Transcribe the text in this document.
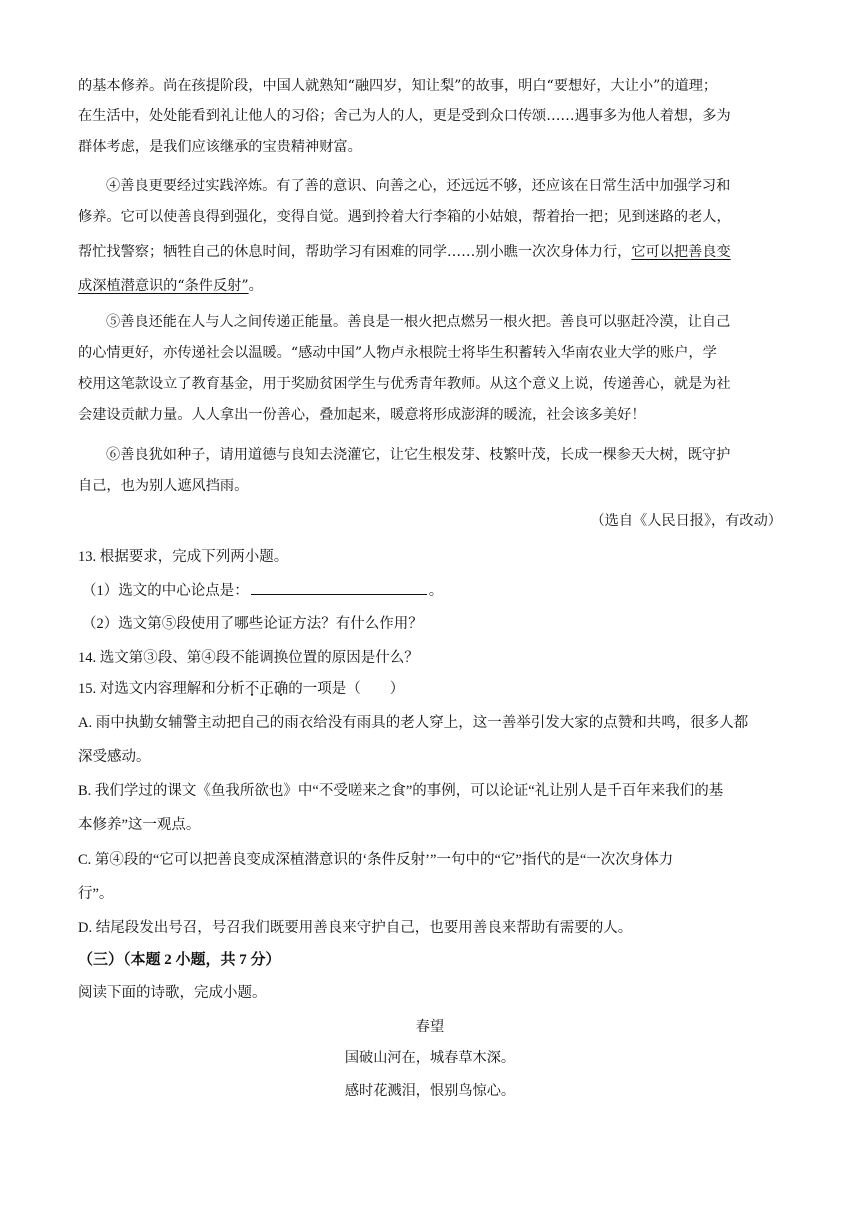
的基本修养。尚在孩提阶段，中国人就熟知“融四岁，知让梨”的故事，明白“要想好，大让小”的道理；
在生活中，处处能看到礼让他人的习俗；舍己为人的人，更是受到众口传颂……遇事多为他人着想，多为
群体考虑，是我们应该继承的宝贵精神财富。
④善良更要经过实践淬炼。有了善的意识、向善之心，还远远不够，还应该在日常生活中加强学习和
修养。它可以使善良得到强化，变得自觉。遇到拎着大行李箱的小姑娘，帮着抬一把；见到迷路的老人，
帮忙找警察；牺牲自己的休息时间，帮助学习有困难的同学……别小瞧一次次身体力行，它可以把善良变
成深植潜意识的“条件反射”。
⑤善良还能在人与人之间传递正能量。善良是一根火把点燃另一根火把。善良可以驱赶冷漠，让自己
的心情更好，亦传递社会以温暖。“感动中国”人物卢永根院士将毕生积蓄转入华南农业大学的账户，学
校用这笔款设立了教育基金，用于奖励贫困学生与优秀青年教师。从这个意义上说，传递善心，就是为社
会建设贡献力量。人人拿出一份善心，叠加起来，暖意将形成澎湃的暖流，社会该多美好！
⑥善良犹如种子，请用道德与良知去浇灌它，让它生根发芽、枝繁叶茂，长成一棵参天大树，既守护
自己，也为别人遮风挡雨。
（选自《人民日报》，有改动）
13. 根据要求，完成下列两小题。
（1）选文的中心论点是：	。
（2）选文第⑤段使用了哪些论证方法？有什么作用？
14. 选文第③段、第④段不能调换位置的原因是什么？
15. 对选文内容理解和分析不正确的一项是（　　）
A. 雨中执勤女辅警主动把自己的雨衣给没有雨具的老人穿上，这一善举引发大家的点赞和共鸣，很多人都
深受感动。
B. 我们学过的课文《鱼我所欲也》中“不受嗟来之食”的事例，可以论证“礼让别人是千百年来我们的基
本修养”这一观点。
C. 第④段的“它可以把善良变成深植潜意识的‘条件反射’”一句中的“它”指代的是“一次次身体力
行”。
D. 结尾段发出号召，号召我们既要用善良来守护自己，也要用善良来帮助有需要的人。
（三）（本题 2 小题，共 7 分）
阅读下面的诗歌，完成小题。
春望
国破山河在，城春草木深。
感时花溅泪，恨别鸟惊心。
